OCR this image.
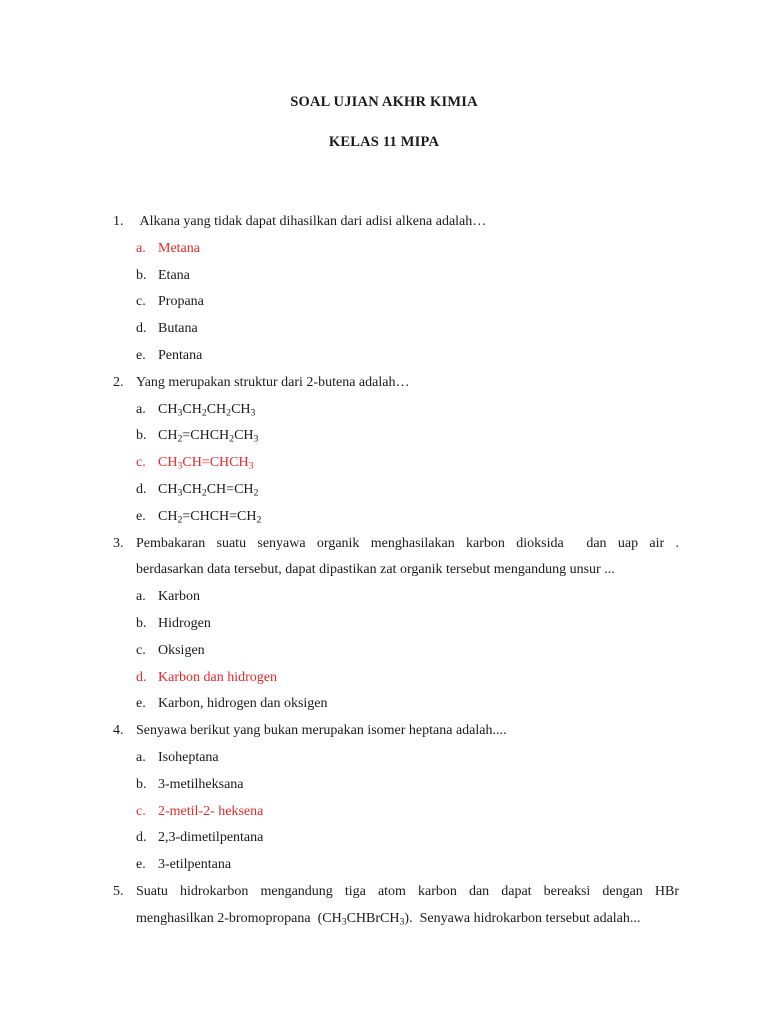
SOAL UJIAN AKHR KIMIA
KELAS 11 MIPA
1. Alkana yang tidak dapat dihasilkan dari adisi alkena adalah…
a. Metana
b. Etana
c. Propana
d. Butana
e. Pentana
2. Yang merupakan struktur dari 2-butena adalah…
a. $CH_3CH_2CH_2CH_3$
b. $CH_2=CHCH_2CH_3$
c. $CH_3CH=CHCH_3$
d. $CH_3CH_2CH=CH_2$
e. $CH_2=CHCH=CH_2$
3. Pembakaran suatu senyawa organik menghasilakan karbon dioksida  dan uap air .
berdasarkan data tersebut, dapat dipastikan zat organik tersebut mengandung unsur ...
a. Karbon
b. Hidrogen
c. Oksigen
d. Karbon dan hidrogen
e. Karbon, hidrogen dan oksigen
4. Senyawa berikut yang bukan merupakan isomer heptana adalah....
a. Isoheptana
b. 3-metilheksana
c. 2-metil-2- heksena
d. 2,3-dimetilpentana
e. 3-etilpentana
5. Suatu hidrokarbon mengandung tiga atom karbon dan dapat bereaksi dengan HBr
menghasilkan 2-bromopropana  $(CH_3CHBrCH_3)$.  Senyawa hidrokarbon tersebut adalah...
